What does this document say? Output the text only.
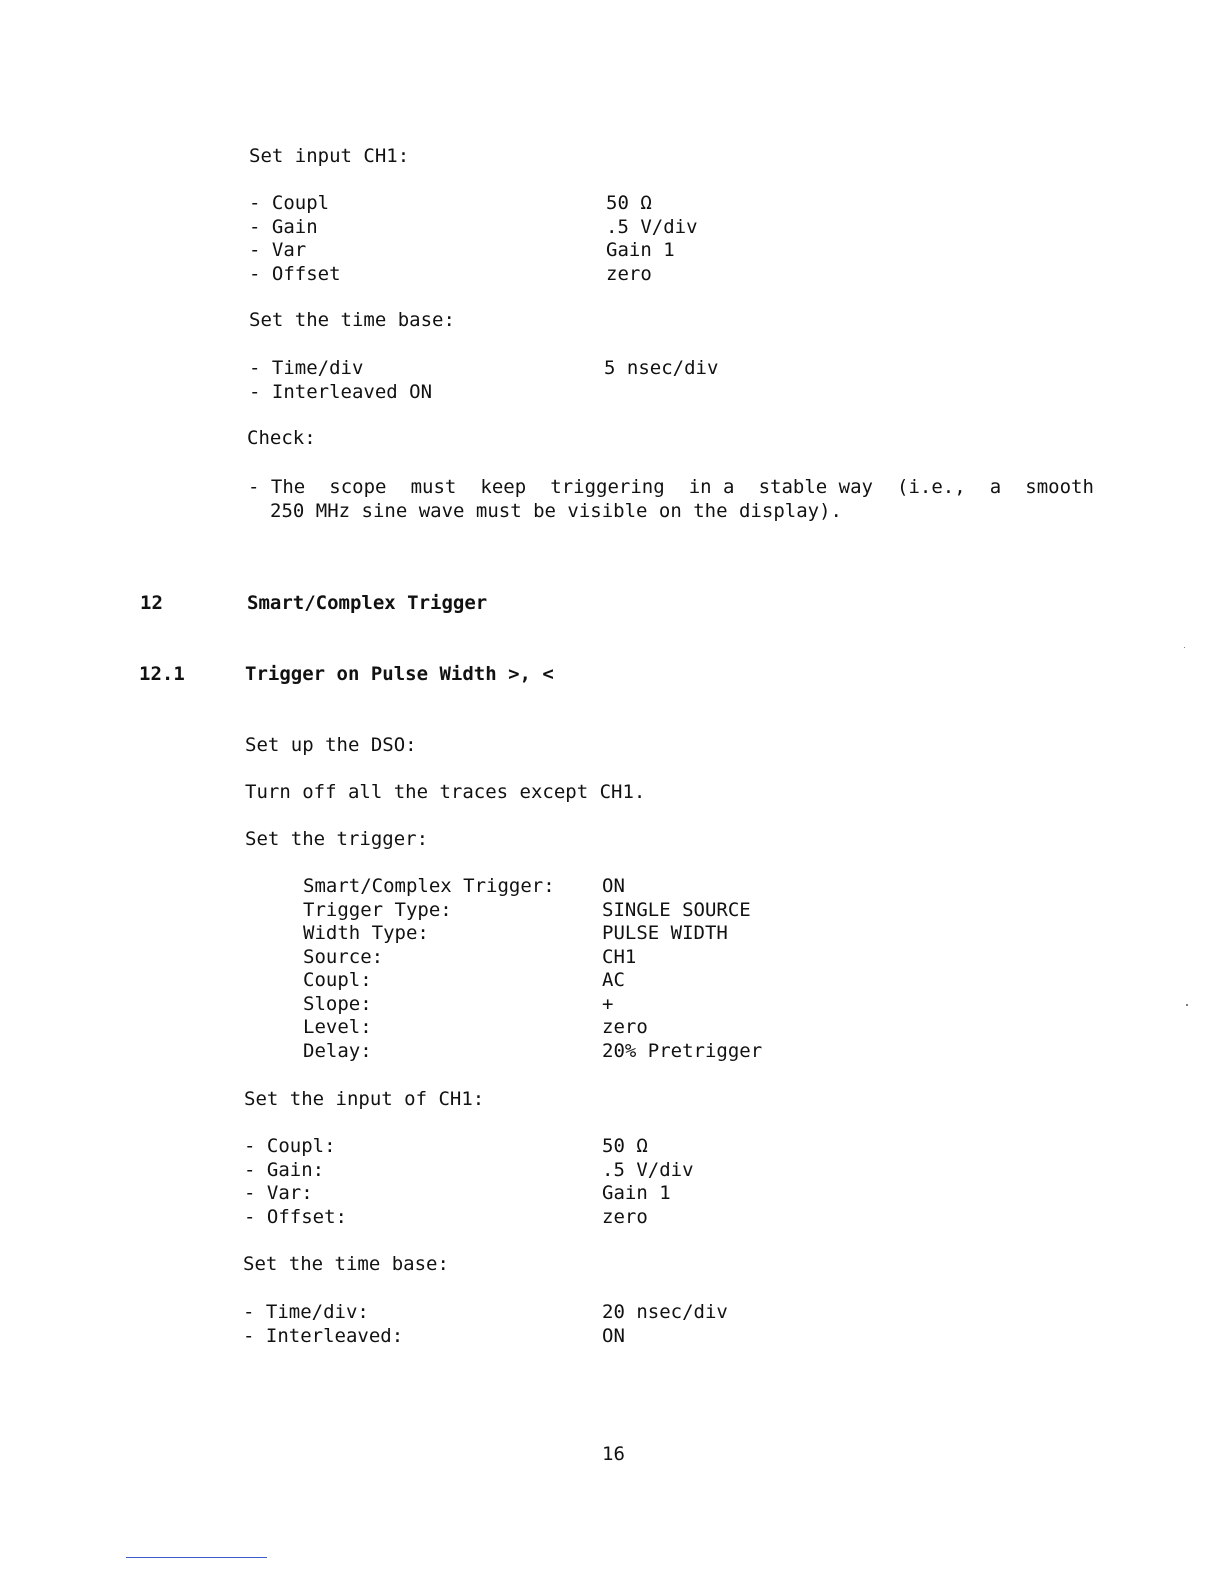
Set input CH1:
- Coupl	50 Ω
- Gain	.5 V/div
- Var	Gain 1
- Offset	zero
Set the time base:
- Time/div	5 nsec/div
- Interleaved ON
Check:
- The scope must keep triggering in a stable way (i.e., a smooth
250 MHz sine wave must be visible on the display).
12	Smart/Complex Trigger
12.1	Trigger on Pulse Width >, <
Set up the DSO:
Turn off all the traces except CH1.
Set the trigger:
Smart/Complex Trigger: ON
Trigger Type:	SINGLE SOURCE
Width Type:	PULSE WIDTH
Source:	CH1
Coupl:	AC
Slope:	+
Level:	zero
Delay:	20% Pretrigger
Set the input of CH1:
- Coupl:	50 Ω
- Gain:	.5 V/div
- Var:	Gain 1
- Offset:	zero
Set the time base:
- Time/div:	20 nsec/div
- Interleaved:	ON
16
